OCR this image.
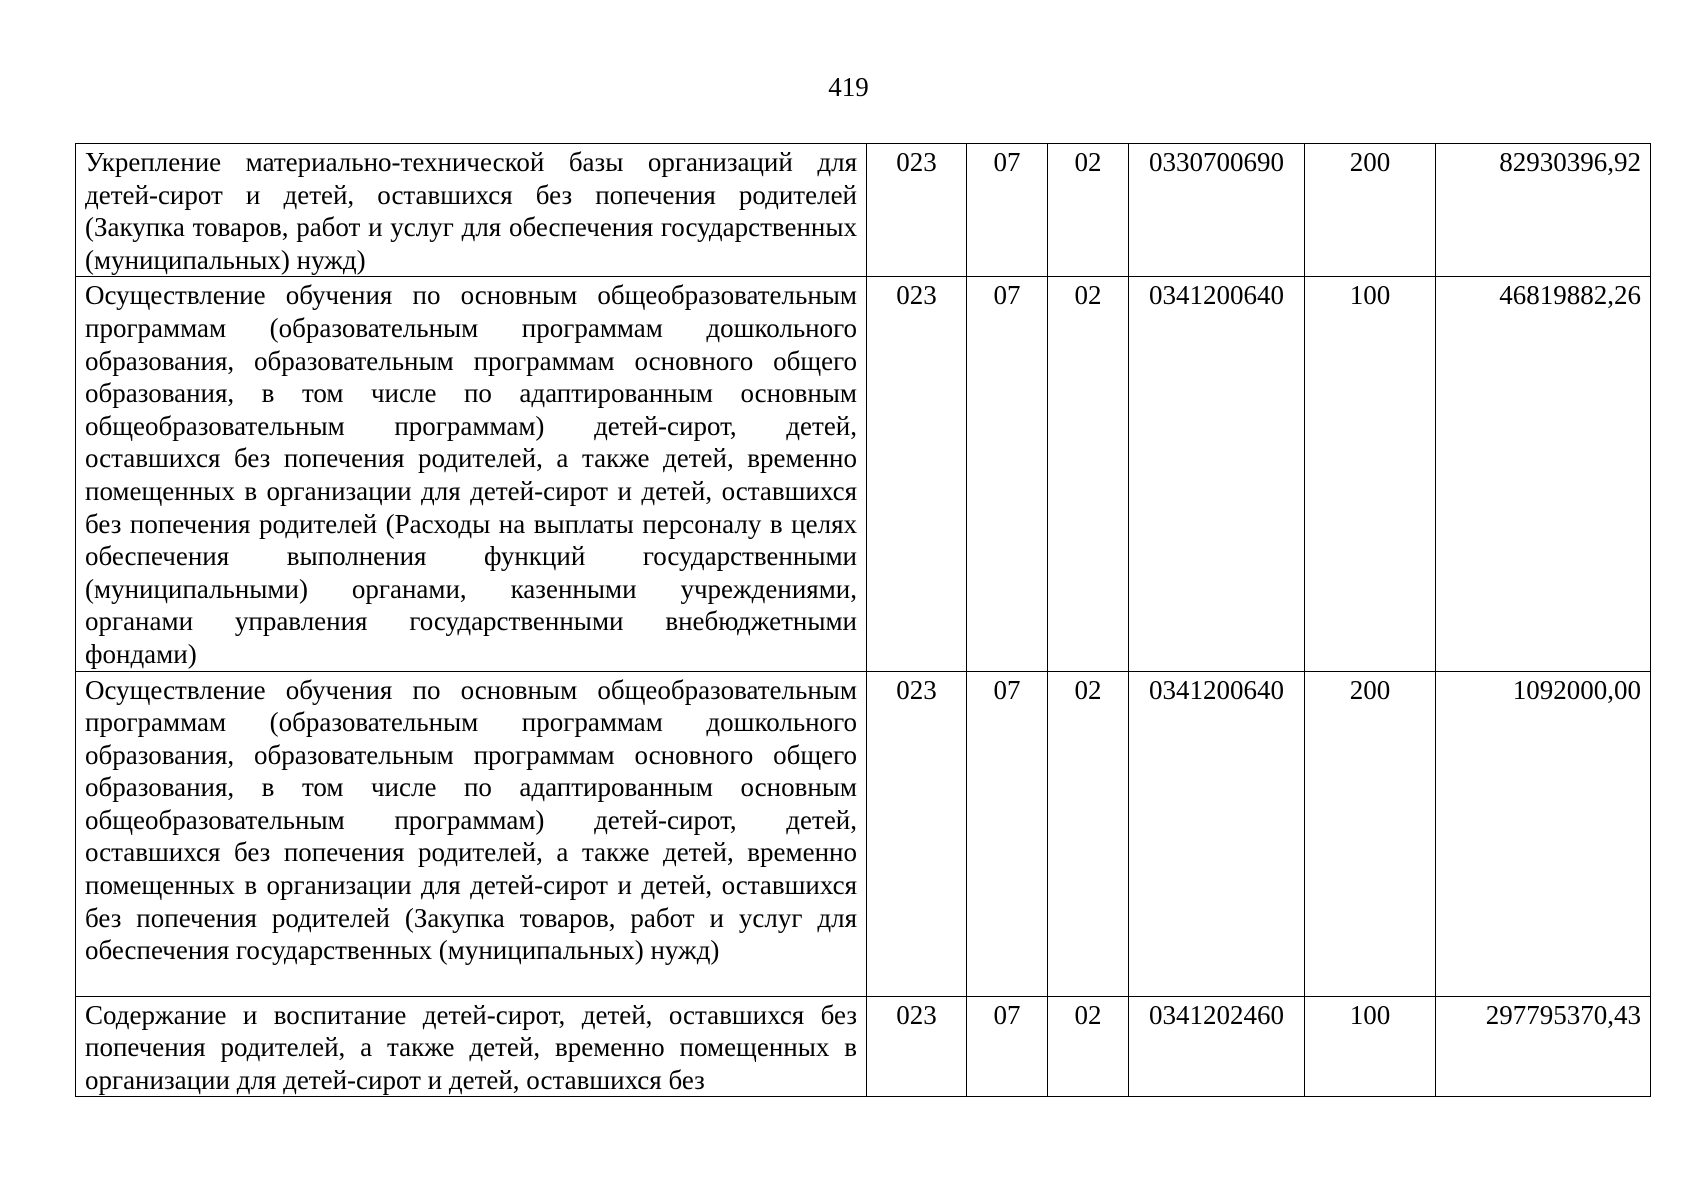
419
Укрепление материально-технической базы организаций для детей-сирот и детей, оставшихся без попечения родителей (Закупка товаров, работ и услуг для обеспечения государственных (муниципальных) нужд)	023	07	02	0330700690	200	82930396,92
Осуществление обучения по основным общеобразовательным программам (образовательным программам дошкольного образования, образовательным программам основного общего образования, в том числе по адаптированным основным общеобразовательным программам) детей-сирот, детей, оставшихся без попечения родителей, а также детей, временно помещенных в организации для детей-сирот и детей, оставшихся без попечения родителей (Расходы на выплаты персоналу в целях обеспечения выполнения функций государственными (муниципальными) органами, казенными учреждениями, органами управления государственными внебюджетными фондами)	023	07	02	0341200640	100	46819882,26
Осуществление обучения по основным общеобразовательным программам (образовательным программам дошкольного образования, образовательным программам основного общего образования, в том числе по адаптированным основным общеобразовательным программам) детей-сирот, детей, оставшихся без попечения родителей, а также детей, временно помещенных в организации для детей-сирот и детей, оставшихся без попечения родителей (Закупка товаров, работ и услуг для обеспечения государственных (муниципальных) нужд)	023	07	02	0341200640	200	1092000,00
Содержание и воспитание детей-сирот, детей, оставшихся без попечения родителей, а также детей, временно помещенных в организации для детей-сирот и детей, оставшихся без	023	07	02	0341202460	100	297795370,43
